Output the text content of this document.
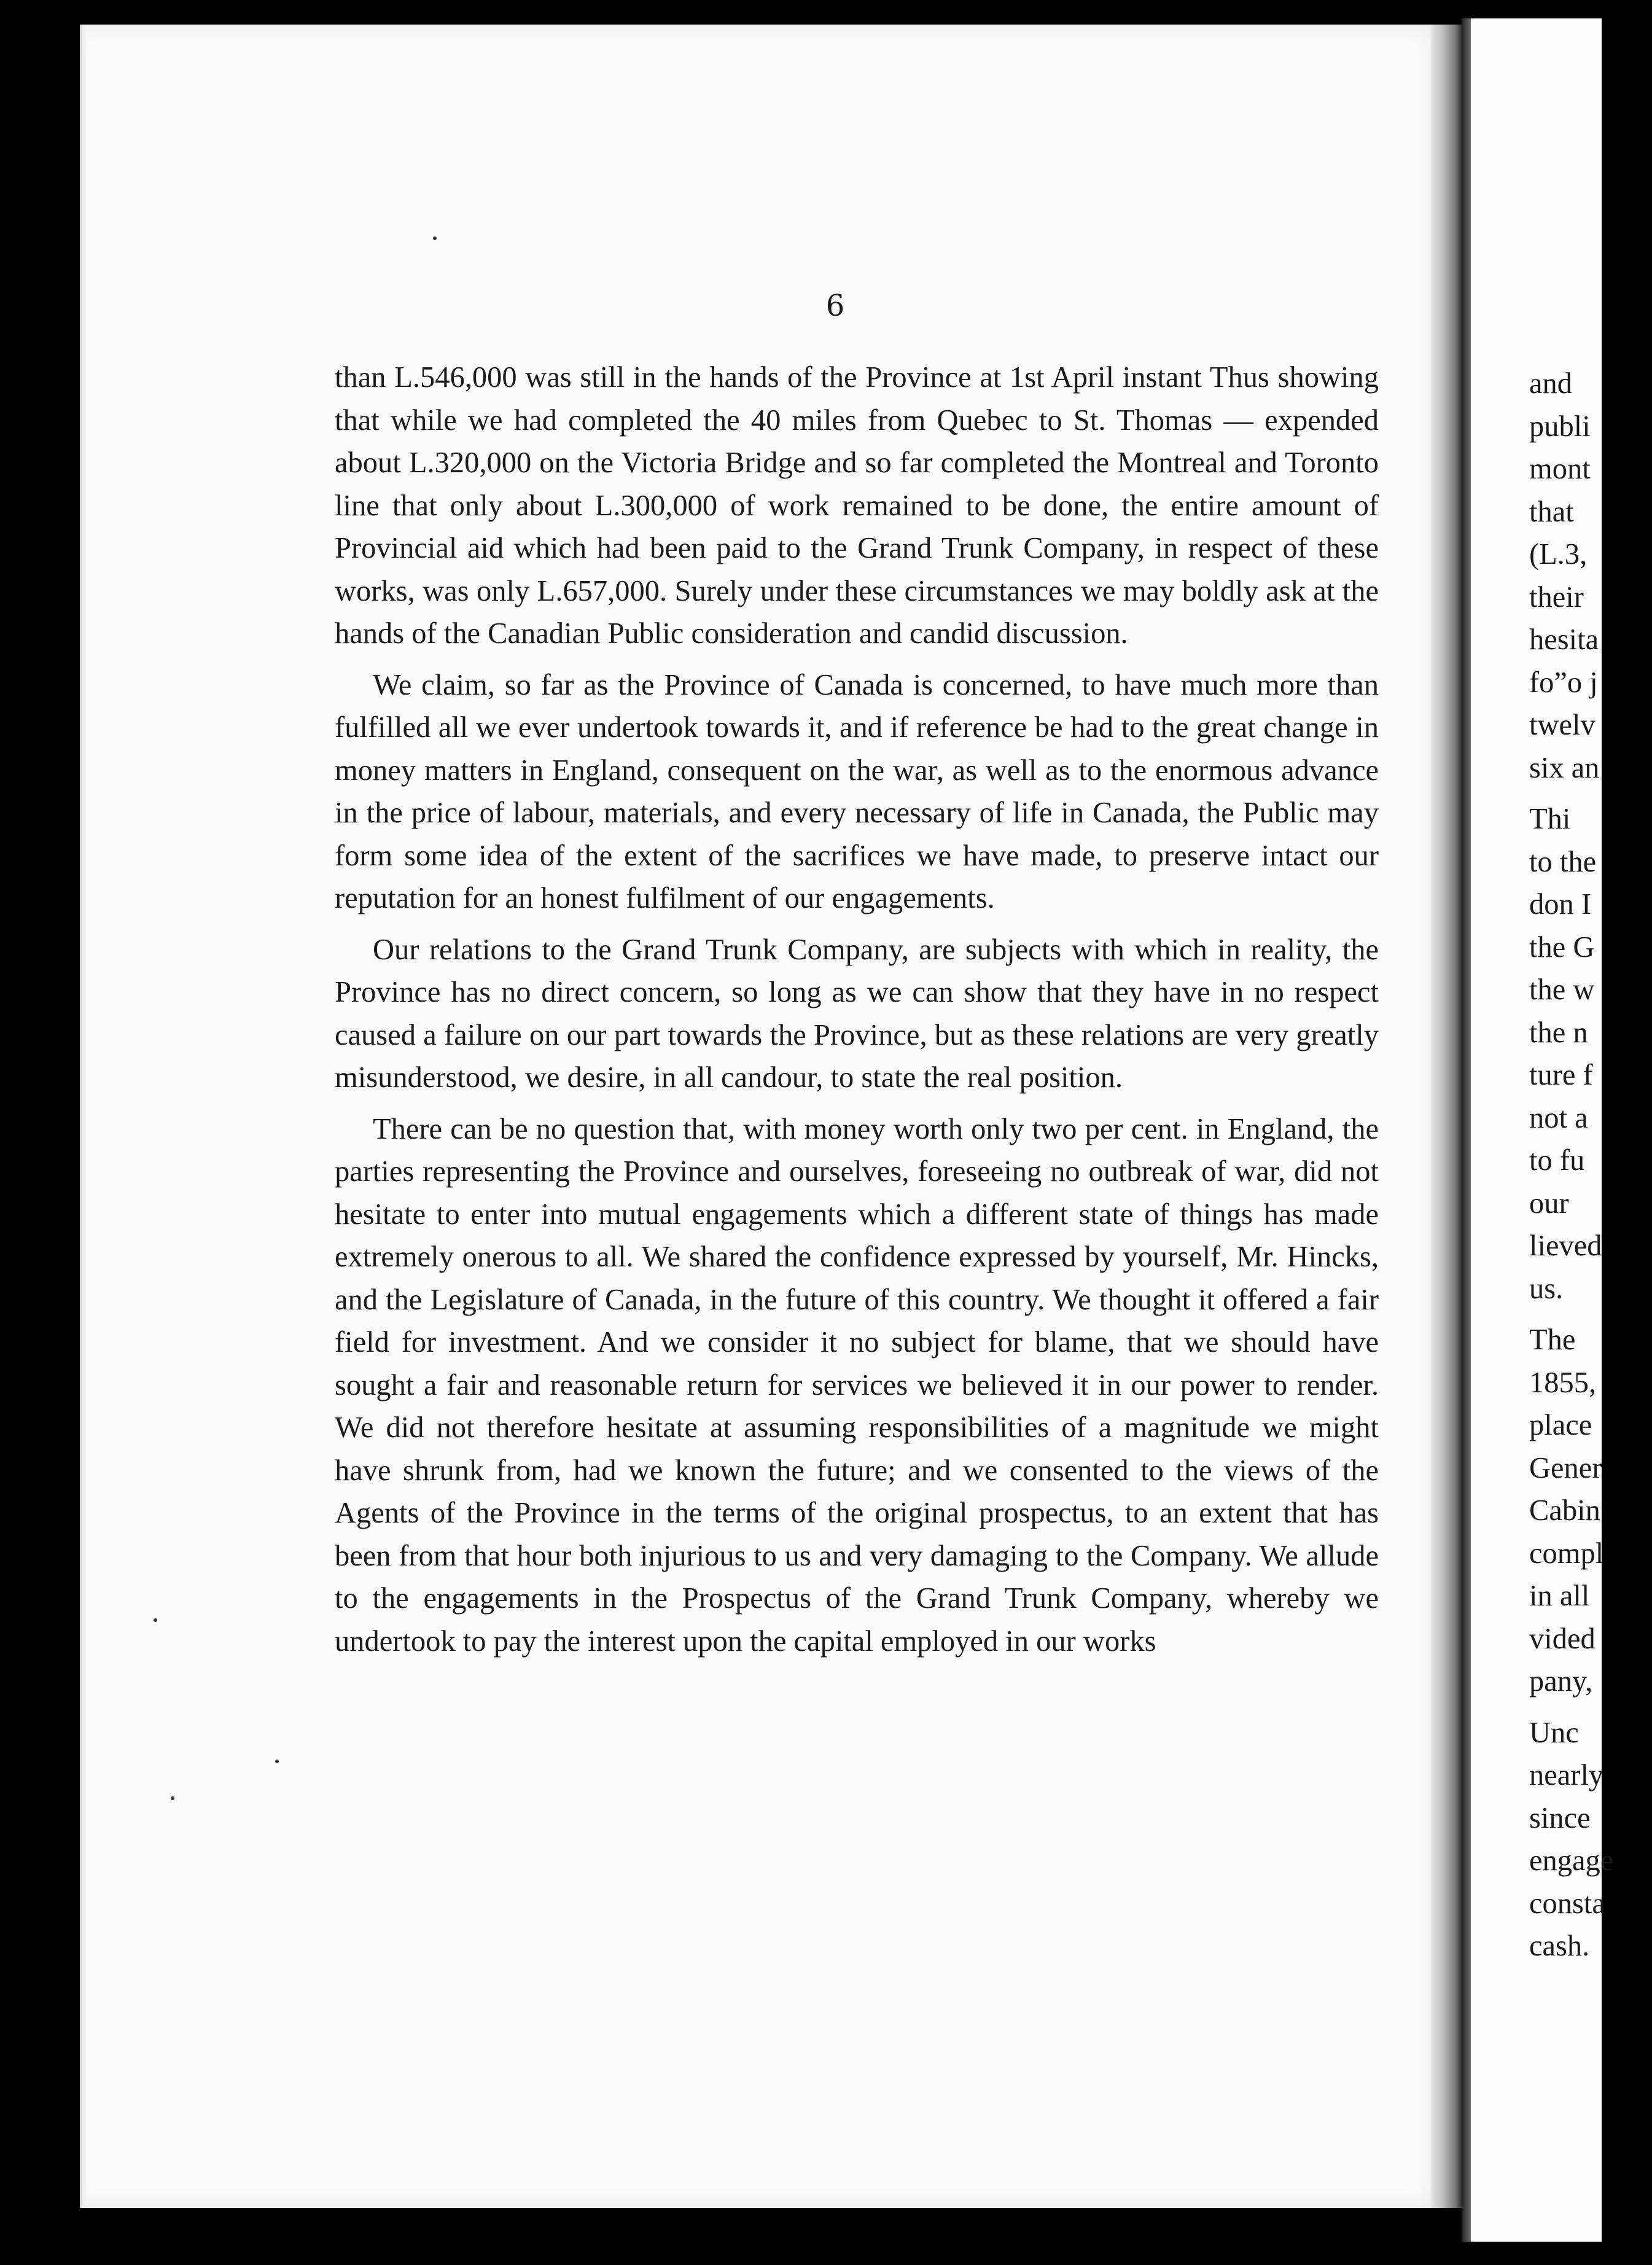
6

than L.546,000 was still in the hands of the Province at 1st April instant Thus showing that while we had completed the 40 miles from Quebec to St. Thomas — expended about L.320,000 on the Victoria Bridge and so far completed the Montreal and Toronto line that only about L.300,000 of work remained to be done, the entire amount of Provincial aid which had been paid to the Grand Trunk Company, in respect of these works, was only L.657,000. Surely under these circumstances we may boldly ask at the hands of the Canadian Public consideration and candid discussion.

We claim, so far as the Province of Canada is concerned, to have much more than fulfilled all we ever undertook towards it, and if reference be had to the great change in money matters in England, consequent on the war, as well as to the enormous advance in the price of labour, materials, and every necessary of life in Canada, the Public may form some idea of the extent of the sacrifices we have made, to preserve intact our reputation for an honest fulfilment of our engagements.

Our relations to the Grand Trunk Company, are subjects with which in reality, the Province has no direct concern, so long as we can show that they have in no respect caused a failure on our part towards the Province, but as these relations are very greatly misunderstood, we desire, in all candour, to state the real position.

There can be no question that, with money worth only two per cent. in England, the parties representing the Province and ourselves, foreseeing no outbreak of war, did not hesitate to enter into mutual engagements which a different state of things has made extremely onerous to all. We shared the confidence expressed by yourself, Mr. Hincks, and the Legislature of Canada, in the future of this country. We thought it offered a fair field for investment. And we consider it no subject for blame, that we should have sought a fair and reasonable return for services we believed it in our power to render. We did not therefore hesitate at assuming responsibilities of a magnitude we might have shrunk from, had we known the future; and we consented to the views of the Agents of the Province in the terms of the original prospectus, to an extent that has been from that hour both injurious to us and very damaging to the Company. We allude to the engagements in the Prospectus of the Grand Trunk Company, whereby we undertook to pay the interest upon the capital employed in our works

and
publi
mont
that
(L.3,
their
hesita
fo”o j
twelv
six an
Thi
to the
don I
the G
the w
the n
ture f
not a
to fu
our
lieved
us.
The
1855,
place
Gener
Cabin
compl
in all
vided
pany,
Unc
nearly
since
engage
consta
cash.
